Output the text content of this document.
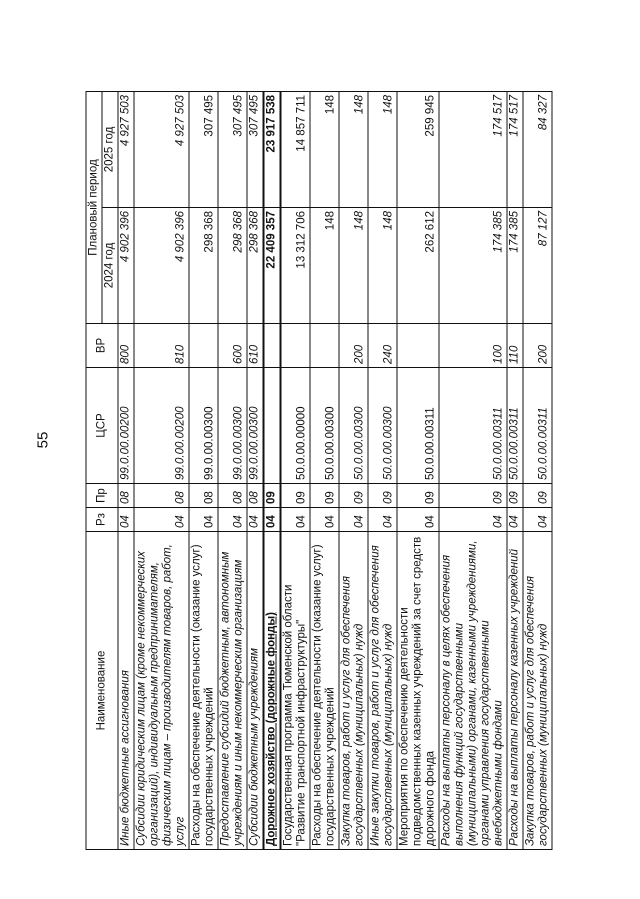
55
Наименование	Рз	Пр	ЦСР	ВР	Плановый период	
					2024 год	2025 год
Иные бюджетные ассигнования	04	08	99.0.00.00200	800	4 902 396	4 927 503
Субсидии юридическим лицам (кроме некоммерческих организаций), индивидуальным предпринимателям, физическим лицам – производителям товаров, работ, услуг	04	08	99.0.00.00200	810	4 902 396	4 927 503
Расходы на обеспечение деятельности (оказание услуг) государственных учреждений	04	08	99.0.00.00300		298 368	307 495
Предоставление субсидий бюджетным, автономным учреждениям и иным некоммерческим организациям	04	08	99.0.00.00300	600	298 368	307 495
Субсидии бюджетным учреждениям	04	08	99.0.00.00300	610	298 368	307 495
Дорожное хозяйство (дорожные фонды)	04	09			22 409 357	23 917 538
Государственная программа Тюменской области "Развитие транспортной инфраструктуры"	04	09	50.0.00.00000		13 312 706	14 857 711
Расходы на обеспечение деятельности (оказание услуг) государственных учреждений	04	09	50.0.00.00300		148	148
Закупка товаров, работ и услуг для обеспечения государственных (муниципальных) нужд	04	09	50.0.00.00300	200	148	148
Иные закупки товаров, работ и услуг для обеспечения государственных (муниципальных) нужд	04	09	50.0.00.00300	240	148	148
Мероприятия по обеспечению деятельности подведомственных казенных учреждений за счет средств дорожного фонда	04	09	50.0.00.00311		262 612	259 945
Расходы на выплаты персоналу в целях обеспечения выполнения функций государственными (муниципальными) органами, казенными учреждениями, органами управления государственными внебюджетными фондами	04	09	50.0.00.00311	100	174 385	174 517
Расходы на выплаты персоналу казенных учреждений	04	09	50.0.00.00311	110	174 385	174 517
Закупка товаров, работ и услуг для обеспечения государственных (муниципальных) нужд	04	09	50.0.00.00311	200	87 127	84 327
